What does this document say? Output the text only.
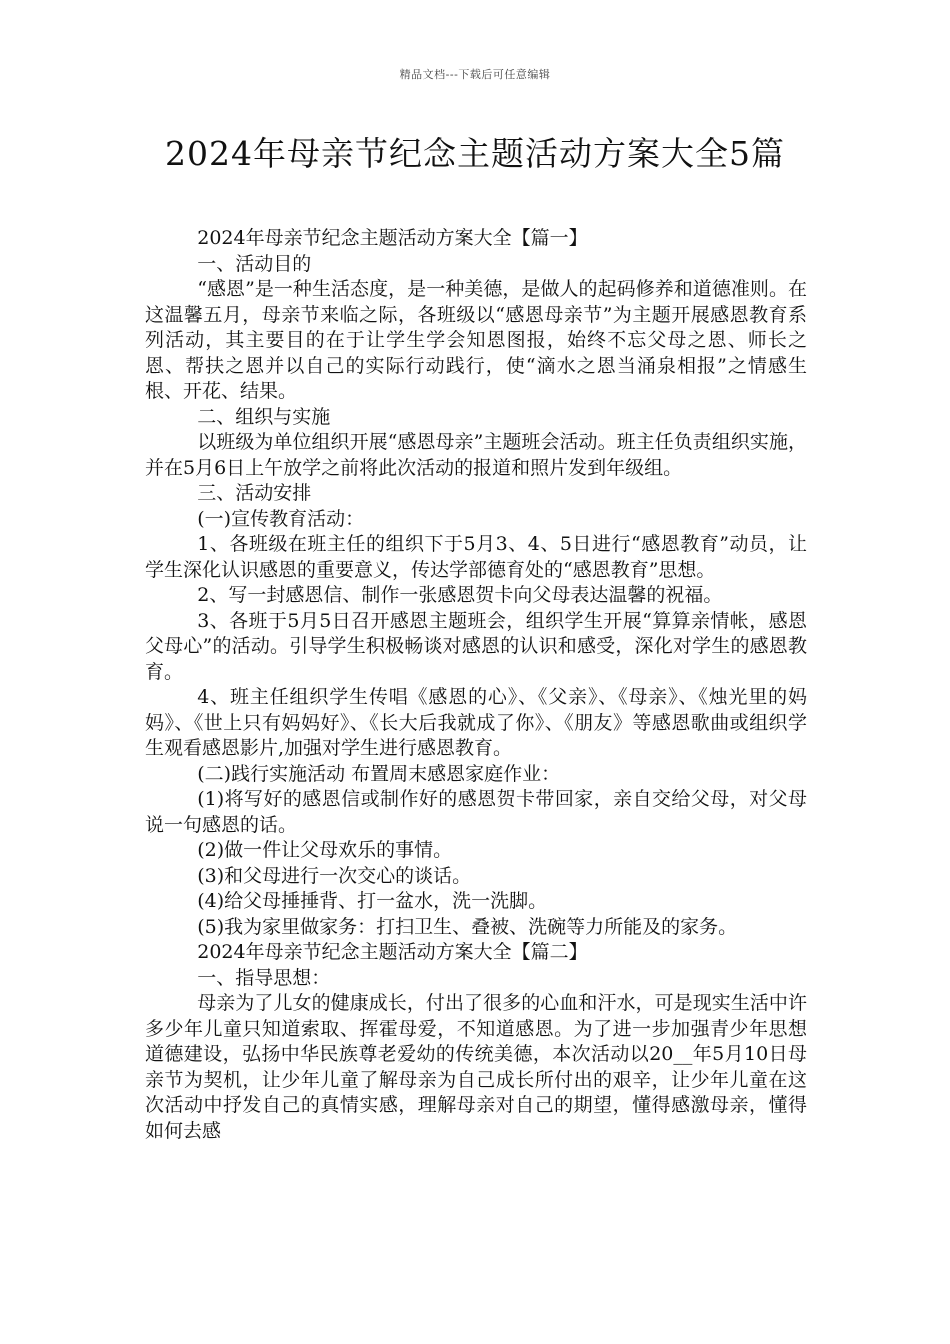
精品文档---下载后可任意编辑
2024年母亲节纪念主题活动方案大全5篇

2024年母亲节纪念主题活动方案大全【篇一】

一、活动目的

“感恩”是一种生活态度，是一种美德，是做人的起码修养和道德准则。在这温馨五月，母亲节来临之际，各班级以“感恩母亲节”为主题开展感恩教育系列活动，其主要目的在于让学生学会知恩图报，始终不忘父母之恩、师长之恩、帮扶之恩并以自己的实际行动践行，使“滴水之恩当涌泉相报”之情感生根、开花、结果。

二、组织与实施

以班级为单位组织开展“感恩母亲”主题班会活动。班主任负责组织实施，并在5月6日上午放学之前将此次活动的报道和照片发到年级组。

三、活动安排

(一)宣传教育活动：

1、各班级在班主任的组织下于5月3、4、5日进行“感恩教育”动员，让学生深化认识感恩的重要意义，传达学部德育处的“感恩教育”思想。

2、写一封感恩信、制作一张感恩贺卡向父母表达温馨的祝福。

3、各班于5月5日召开感恩主题班会，组织学生开展“算算亲情帐，感恩父母心”的活动。引导学生积极畅谈对感恩的认识和感受，深化对学生的感恩教育。

4、班主任组织学生传唱《感恩的心》、《父亲》、《母亲》、《烛光里的妈妈》、《世上只有妈妈好》、《长大后我就成了你》、《朋友》等感恩歌曲或组织学生观看感恩影片,加强对学生进行感恩教育。

(二)践行实施活动 布置周末感恩家庭作业：

(1)将写好的感恩信或制作好的感恩贺卡带回家，亲自交给父母，对父母说一句感恩的话。

(2)做一件让父母欢乐的事情。

(3)和父母进行一次交心的谈话。

(4)给父母捶捶背、打一盆水，洗一洗脚。

(5)我为家里做家务：打扫卫生、叠被、洗碗等力所能及的家务。

2024年母亲节纪念主题活动方案大全【篇二】

一、指导思想：

母亲为了儿女的健康成长，付出了很多的心血和汗水，可是现实生活中许多少年儿童只知道索取、挥霍母爱，不知道感恩。为了进一步加强青少年思想道德建设，弘扬中华民族尊老爱幼的传统美德，本次活动以20__年5月10日母亲节为契机，让少年儿童了解母亲为自己成长所付出的艰辛，让少年儿童在这次活动中抒发自己的真情实感，理解母亲对自己的期望，懂得感激母亲，懂得如何去感
